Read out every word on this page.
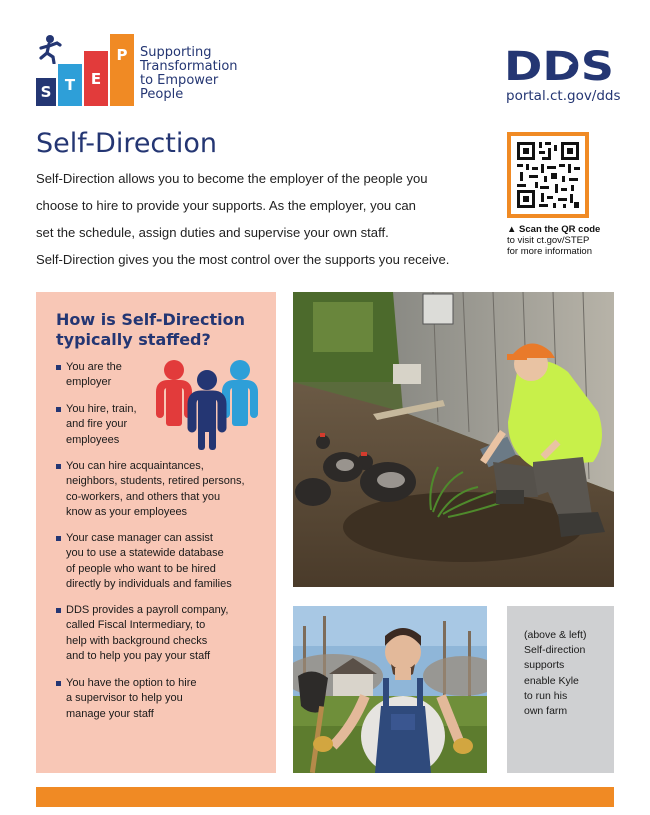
S T	E
P Supporting
Transformation
to Empower
People
DDS
portal.ct.gov/dds
Self-Direction
Self-Direction allows you to become the employer of the people you
choose to hire to provide your supports. As the employer, you can
set the schedule, assign duties and supervise your own staff.
Self-Direction gives you the most control over the supports you receive.
▲ Scan the QR code
to visit ct.gov/STEP
for more information
How is Self-Direction
typically staffed?
You are the
employer
You hire, train,
and fire your
employees
You can hire acquaintances,
neighbors, students, retired persons,
co-workers, and others that you
know as your employees
Your case manager can assist
you to use a statewide database
of people who want to be hired
directly by individuals and families
DDS provides a payroll company,
called Fiscal Intermediary, to
help with background checks
and to help you pay your staff
You have the option to hire
a supervisor to help you
manage your staff
(above & left)
Self-direction
supports
enable Kyle
to run his
own farm
